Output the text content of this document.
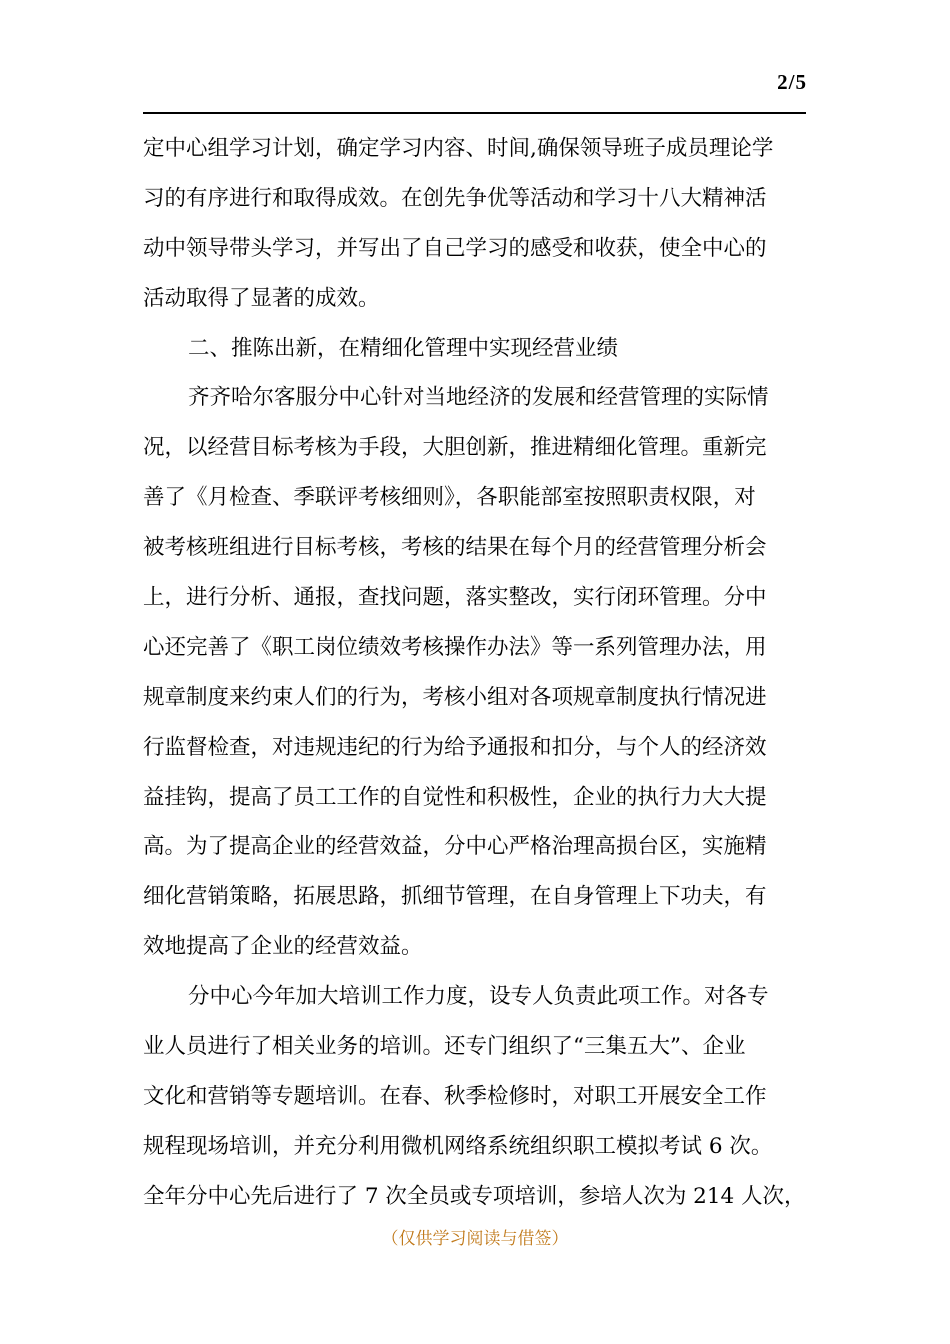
2/5
定中心组学习计划，确定学习内容、时间,确保领导班子成员理论学
习的有序进行和取得成效。在创先争优等活动和学习十八大精神活
动中领导带头学习，并写出了自己学习的感受和收获，使全中心的
活动取得了显著的成效。
二、推陈出新，在精细化管理中实现经营业绩
齐齐哈尔客服分中心针对当地经济的发展和经营管理的实际情
况，以经营目标考核为手段，大胆创新，推进精细化管理。重新完
善了《月检查、季联评考核细则》，各职能部室按照职责权限，对
被考核班组进行目标考核，考核的结果在每个月的经营管理分析会
上，进行分析、通报，查找问题，落实整改，实行闭环管理。分中
心还完善了《职工岗位绩效考核操作办法》等一系列管理办法，用
规章制度来约束人们的行为，考核小组对各项规章制度执行情况进
行监督检查，对违规违纪的行为给予通报和扣分，与个人的经济效
益挂钩，提高了员工工作的自觉性和积极性，企业的执行力大大提
高。为了提高企业的经营效益，分中心严格治理高损台区，实施精
细化营销策略，拓展思路，抓细节管理，在自身管理上下功夫，有
效地提高了企业的经营效益。
分中心今年加大培训工作力度，设专人负责此项工作。对各专
业人员进行了相关业务的培训。还专门组织了“三集五大”、企业
文化和营销等专题培训。在春、秋季检修时，对职工开展安全工作
规程现场培训，并充分利用微机网络系统组织职工模拟考试 6 次。
全年分中心先后进行了 7 次全员或专项培训，参培人次为 214 人次，
（仅供学习阅读与借签）
